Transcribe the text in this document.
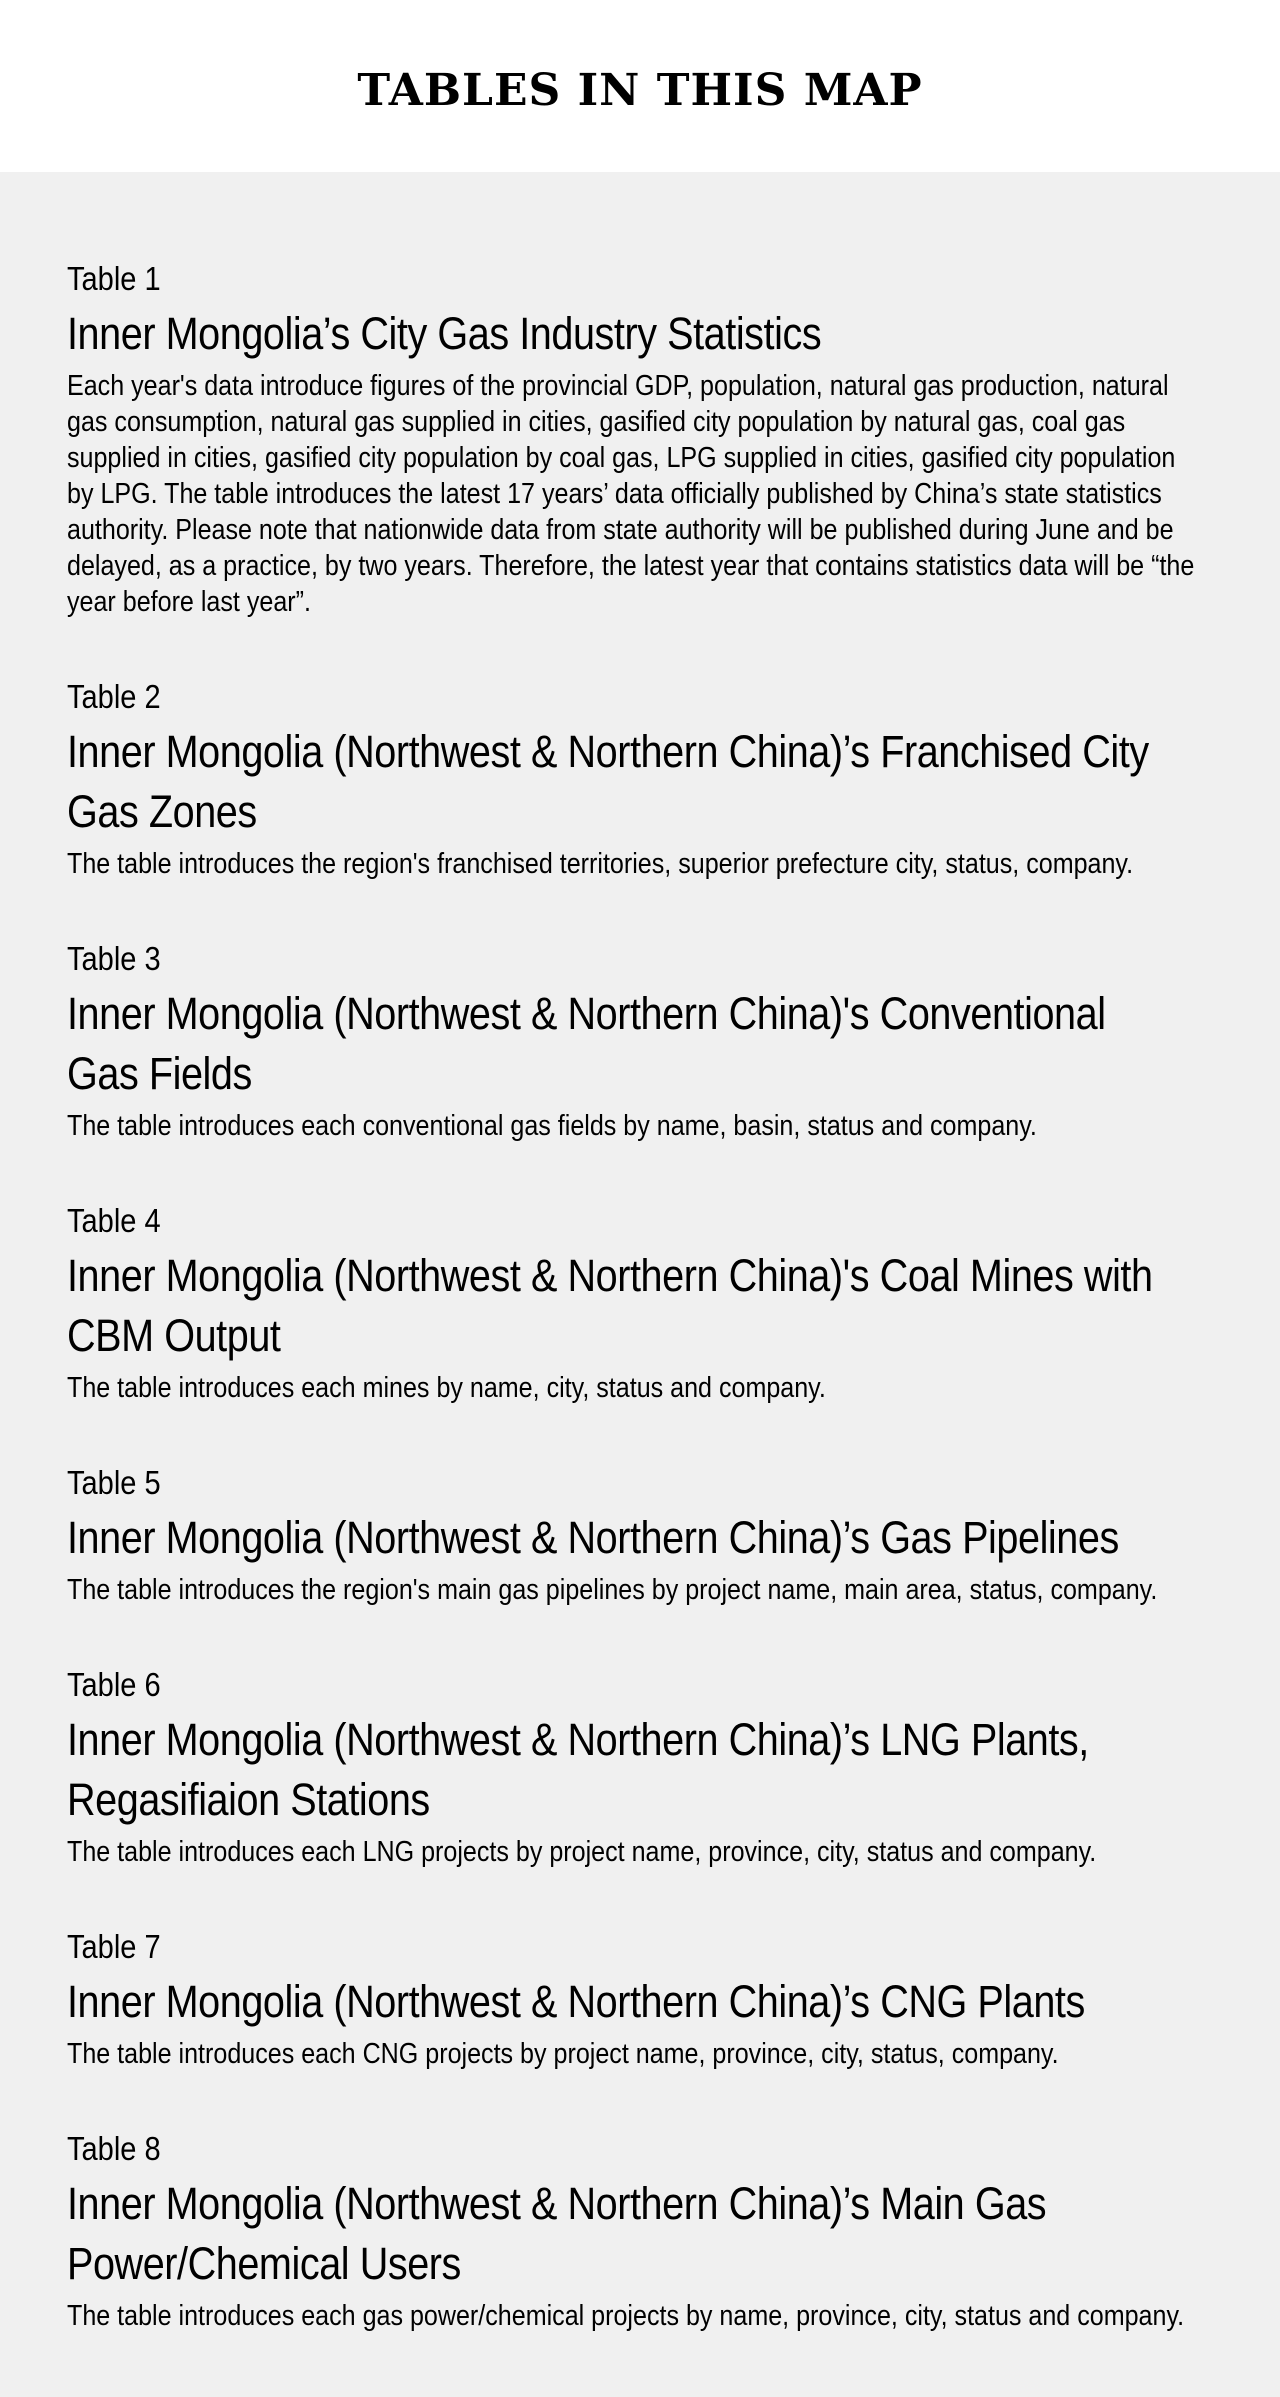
TABLES IN THIS MAP
Table 1
Inner Mongolia’s City Gas Industry Statistics

Each year's data introduce figures of the provincial GDP, population, natural gas production, natural gas consumption, natural gas supplied in cities, gasified city population by natural gas, coal gas supplied in cities, gasified city population by coal gas, LPG supplied in cities, gasified city population by LPG. The table introduces the latest 17 years’ data officially published by China’s state statistics authority. Please note that nationwide data from state authority will be published during June and be delayed, as a practice, by two years. Therefore, the latest year that contains statistics data will be “the year before last year”.

Table 2
Inner Mongolia (Northwest & Northern China)’s Franchised City Gas Zones

The table introduces the region's franchised territories, superior prefecture city, status, company.

Table 3
Inner Mongolia (Northwest & Northern China)'s Conventional Gas Fields

The table introduces each conventional gas fields by name, basin, status and company.

Table 4
Inner Mongolia (Northwest & Northern China)'s Coal Mines with CBM Output

The table introduces each mines by name, city, status and company.

Table 5
Inner Mongolia (Northwest & Northern China)’s Gas Pipelines

The table introduces the region's main gas pipelines by project name, main area, status, company.

Table 6
Inner Mongolia (Northwest & Northern China)’s LNG Plants, Regasifiaion Stations

The table introduces each LNG projects by project name, province, city, status and company.

Table 7
Inner Mongolia (Northwest & Northern China)’s CNG Plants

The table introduces each CNG projects by project name, province, city, status, company.

Table 8
Inner Mongolia (Northwest & Northern China)’s Main Gas Power/Chemical Users

The table introduces each gas power/chemical projects by name, province, city, status and company.
